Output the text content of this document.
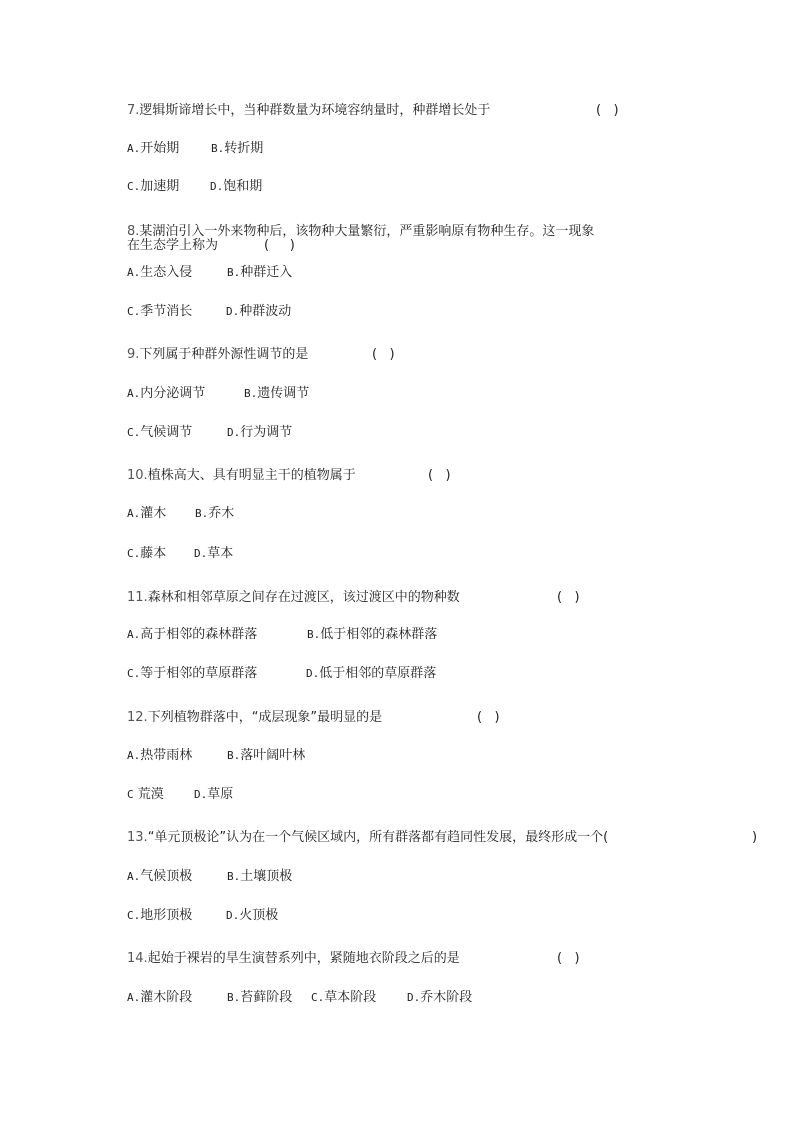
7.逻辑斯谛增长中，当种群数量为环境容纳量时，种群增长处于	(   )
A.开始期	B.转折期
C.加速期	D.饱和期
8.某湖泊引入一外来物种后，该物种大量繁衍，严重影响原有物种生存。这一现象
在生态学上称为	(     )
A.生态入侵	B.种群迁入
C.季节消长	D.种群波动
9.下列属于种群外源性调节的是	(   )
A.内分泌调节	B.遗传调节
C.气候调节	D.行为调节
10.植株高大、具有明显主干的植物属于	(   )
A.灌木	B.乔木
C.藤本	D.草本
11.森林和相邻草原之间存在过渡区，该过渡区中的物种数	(   )
A.高于相邻的森林群落	B.低于相邻的森林群落
C.等于相邻的草原群落	D.低于相邻的草原群落
12.下列植物群落中，“成层现象”最明显的是	(   )
A.热带雨林	B.落叶阔叶林
C 荒漠	D.草原
13.“单元顶极论”认为在一个气候区域内，所有群落都有趋同性发展，最终形成一个(	)
A.气候顶极	B.土壤顶极
C.地形顶极	D.火顶极
14.起始于裸岩的旱生演替系列中，紧随地衣阶段之后的是	(   )
A.灌木阶段	B.苔藓阶段 C.草本阶段	D.乔木阶段
